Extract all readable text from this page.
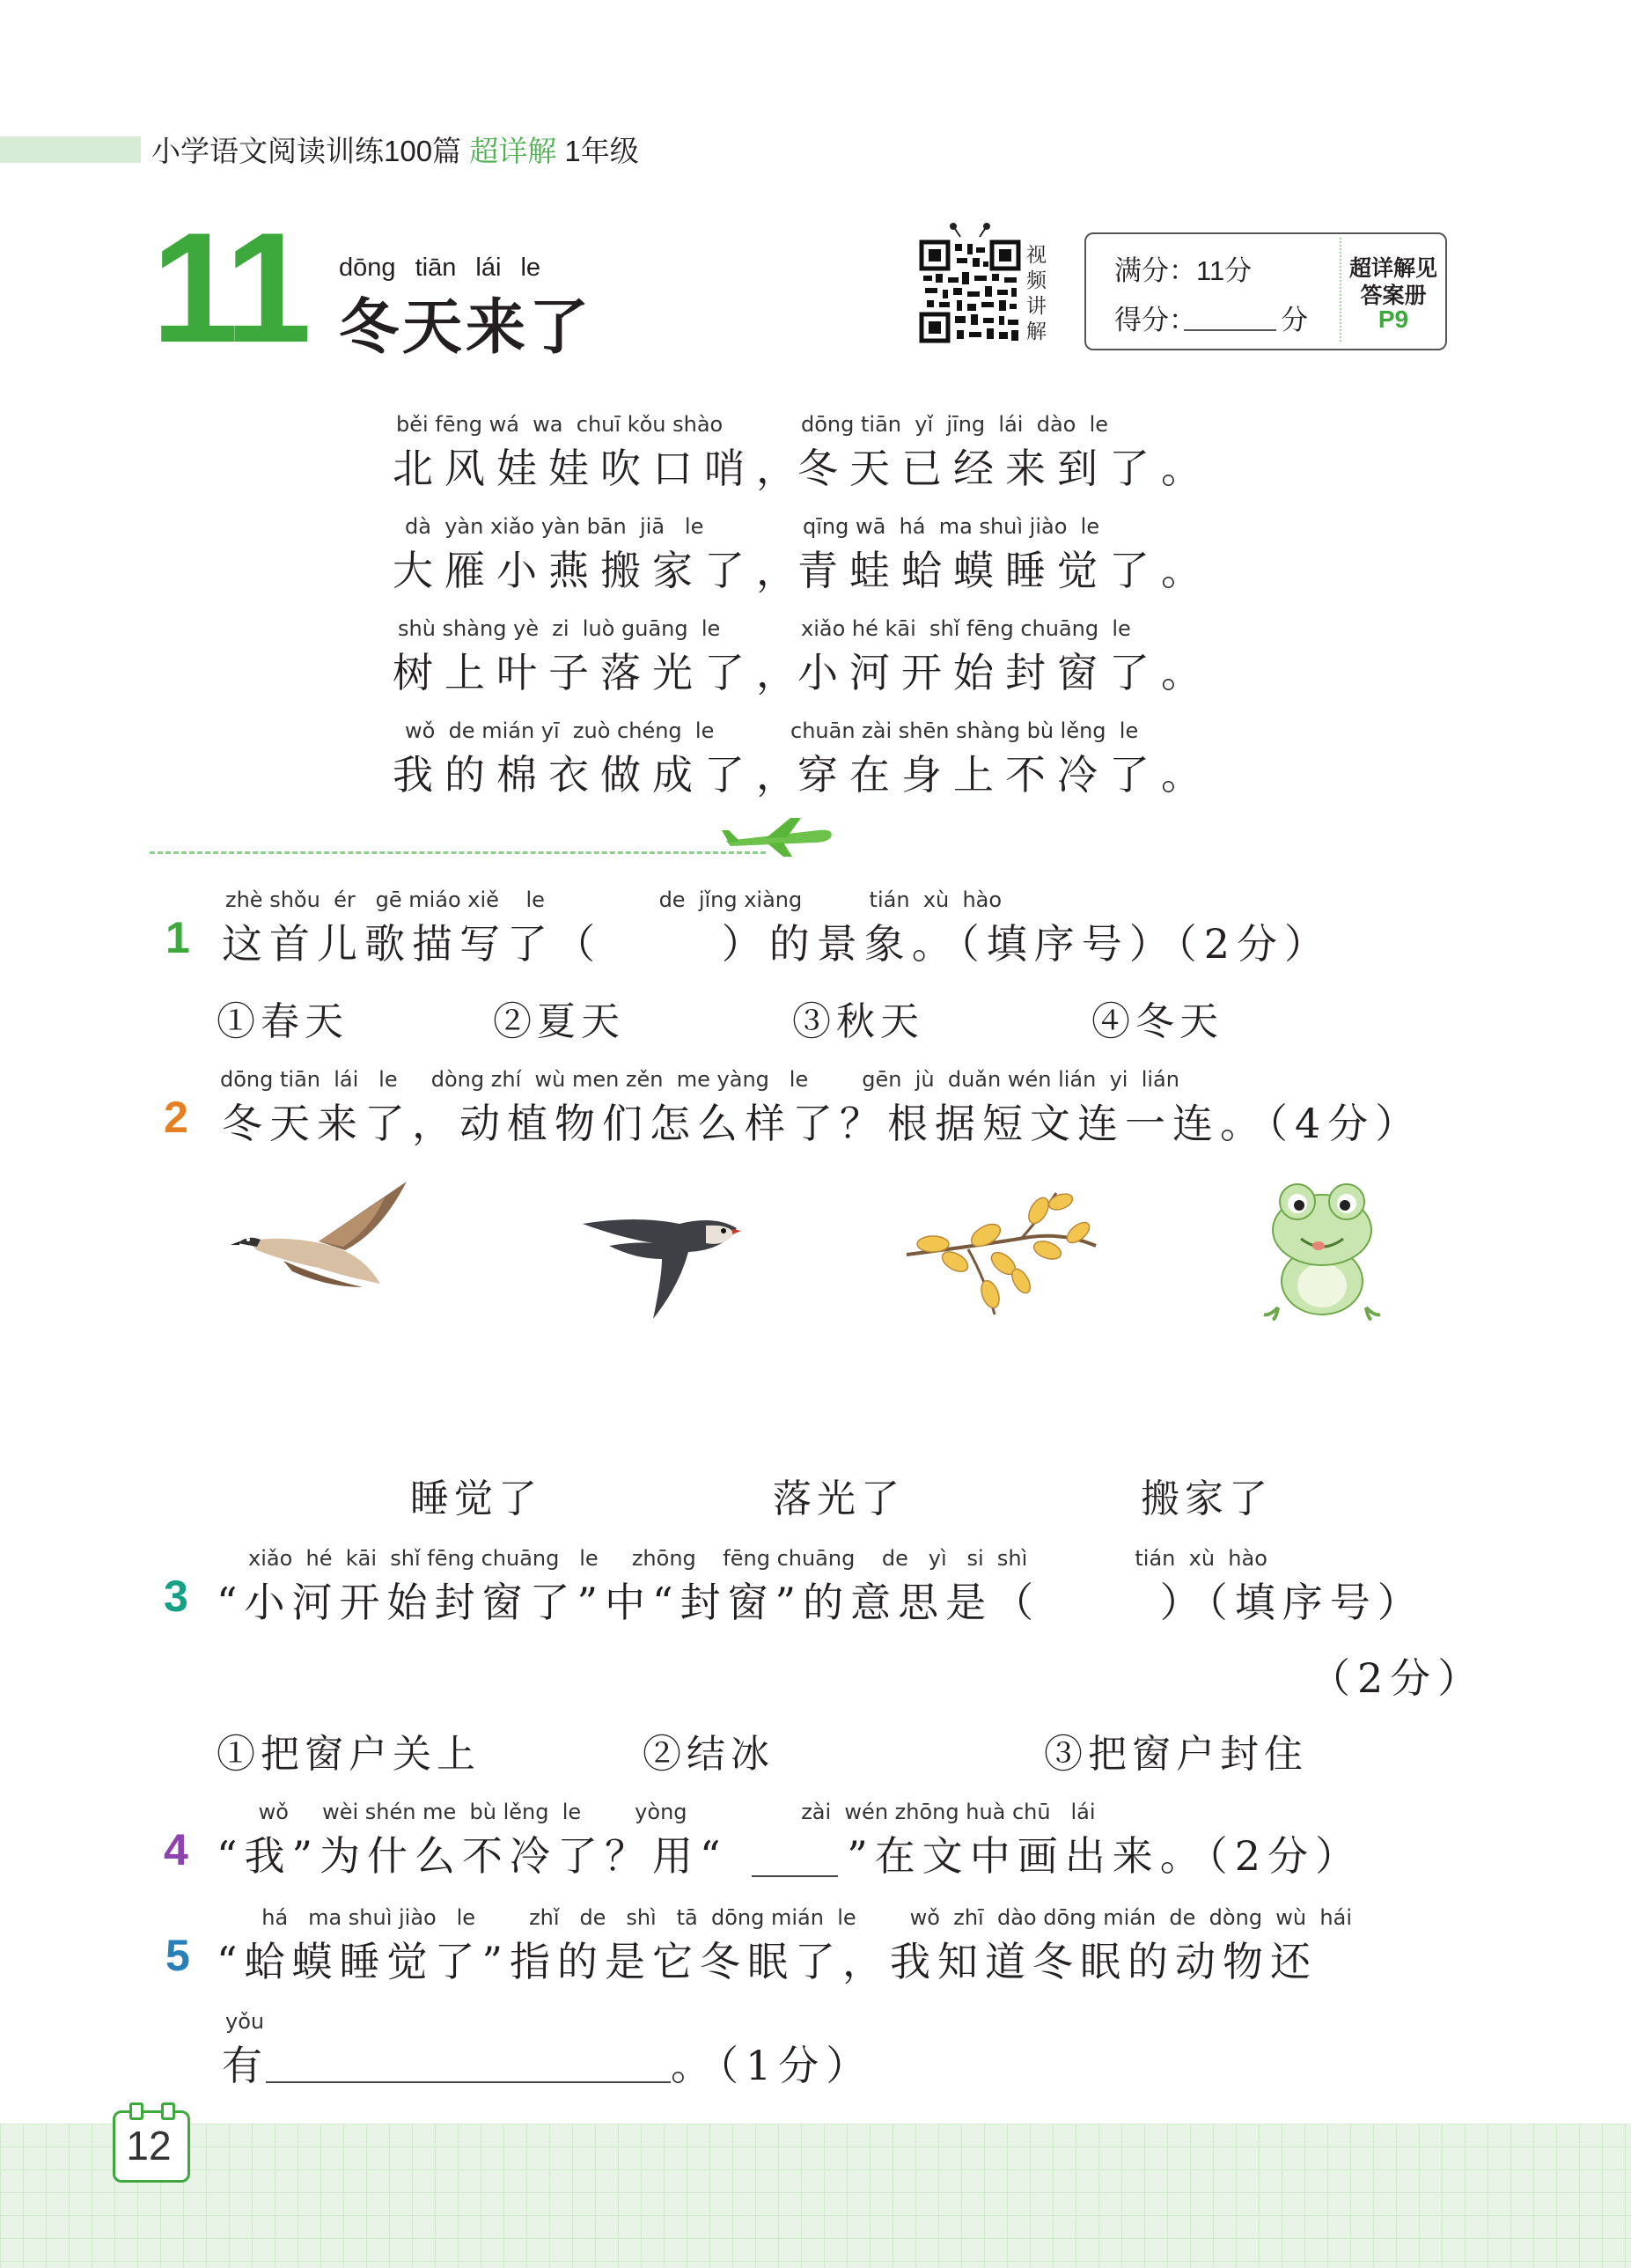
小学语文阅读训练100篇 超详解 1年级
11 dōng tiān lái le
冬天来了
视
频
讲
解
满分：11分
得分：	分
超详解见
答案册
P9
běi fēng wá  wa  chuī kǒu shào	dōng tiān  yǐ  jīng  lái  dào  le
北风娃娃吹口哨，
冬天已经来到了。
dà  yàn xiǎo yàn bān  jiā   le	qīng wā  há  ma shuì jiào  le
大雁小燕搬家了，
青蛙蛤蟆睡觉了。
shù shàng yè  zi  luò guāng  le	xiǎo hé kāi  shǐ fēng chuāng  le
树上叶子落光了，
小河开始封窗了。
wǒ  de mián yī  zuò chéng  le	chuān zài shēn shàng bù lěng  le
我的棉衣做成了，
穿在身上不冷了。
zhè shǒu  ér   gē miáo xiě    le                 de  jǐng xiàng          tián  xù  hào
1 这首儿歌描写了（      ）的景象。（填序号）（2分）
①春天	②夏天	③秋天	④冬天
dōng tiān  lái   le     dòng zhí  wù men zěn  me yàng   le        gēn  jù  duǎn wén lián  yi  lián
2 冬天来了，动植物们怎么样了？根据短文连一连。（4分）
睡觉了	落光了	搬家了
xiǎo  hé  kāi  shǐ fēng chuāng   le     zhōng    fēng chuāng    de   yì   si  shì                tián  xù  hào
3 “小河开始封窗了”中“封窗”的意思是（      ）（填序号）
（2分）
①把窗户关上	②结冰	③把窗户封住
wǒ     wèi shén me  bù lěng  le        yòng                 zài  wén zhōng huà chū   lái
4 “我”为什么不冷了？用“      ”在文中画出来。（2分）
há   ma shuì jiào   le        zhǐ   de   shì   tā  dōng mián  le        wǒ  zhī  dào dōng mián  de  dòng  wù  hái
5 “蛤蟆睡觉了”指的是它冬眠了，我知道冬眠的动物还
yǒu
有	。（1分）
12
